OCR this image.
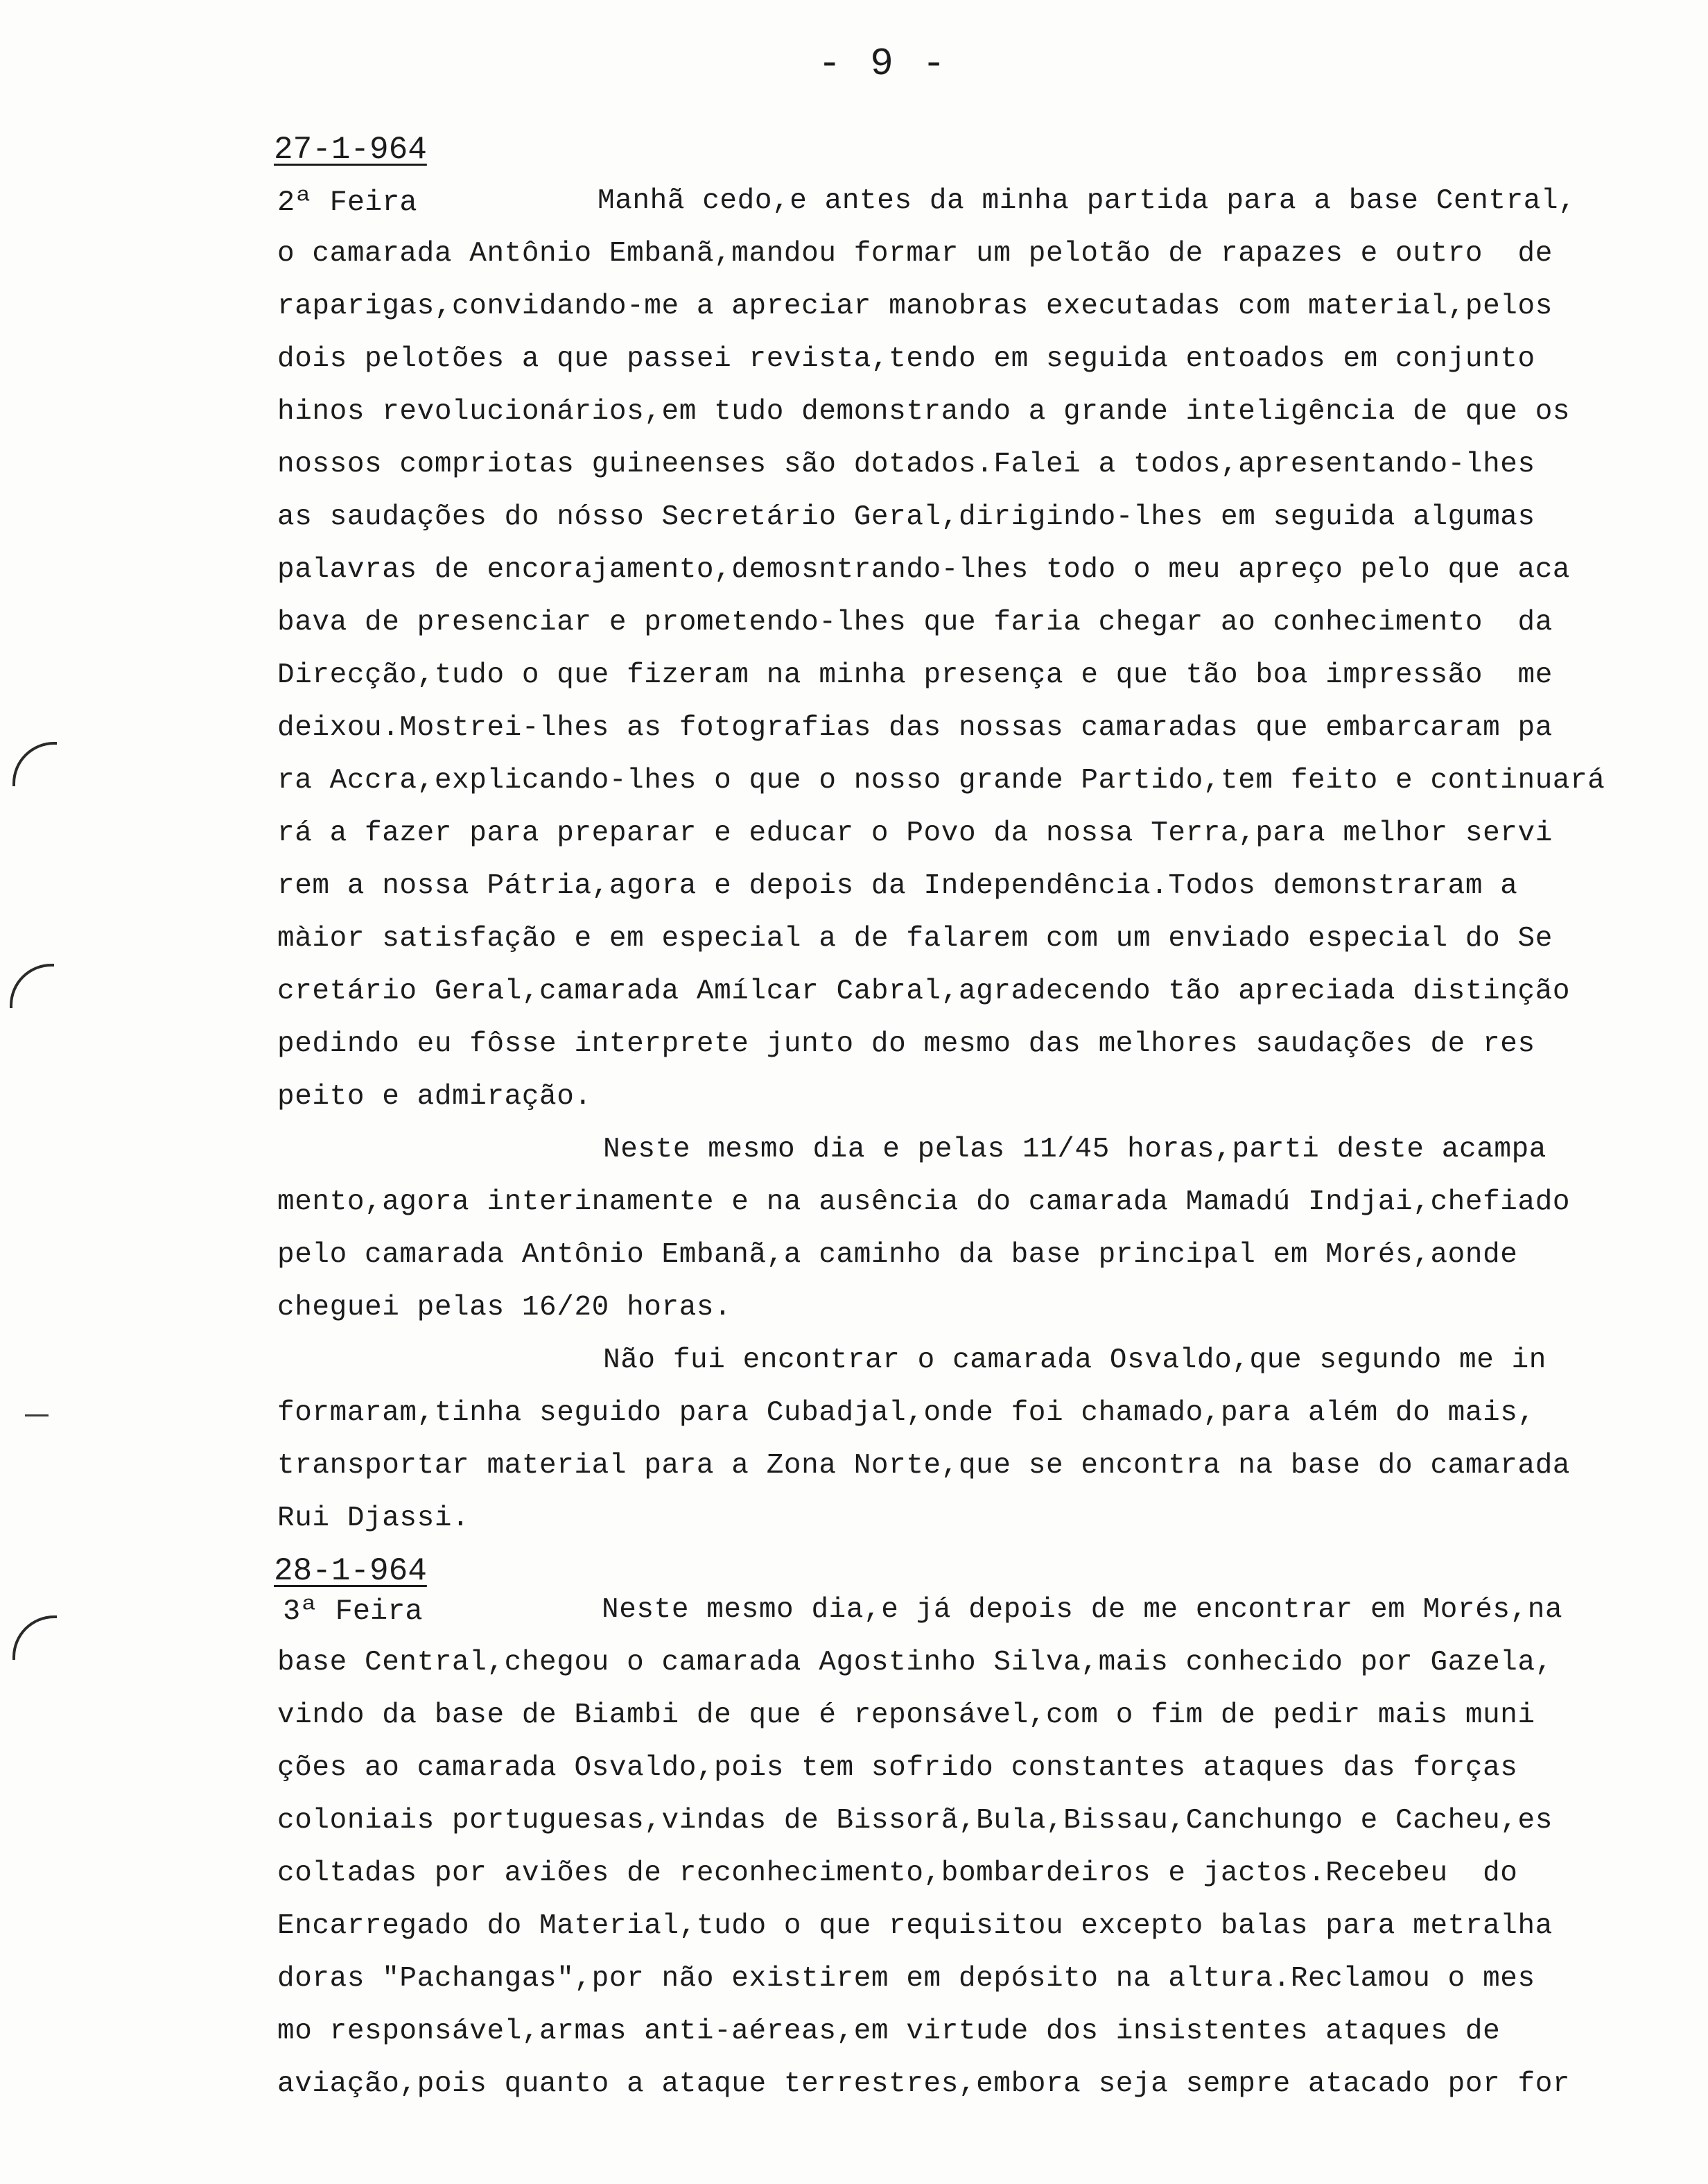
- 9 -
27-1-964
2ª Feira	Manhã cedo,e antes da minha partida para a base Central,
o camarada Antônio Embanã,mandou formar um pelotão de rapazes e outro  de
raparigas,convidando-me a apreciar manobras executadas com material,pelos
dois pelotões a que passei revista,tendo em seguida entoados em conjunto
hinos revolucionários,em tudo demonstrando a grande inteligência de que os
nossos compriotas guineenses são dotados.Falei a todos,apresentando-lhes
as saudações do nósso Secretário Geral,dirigindo-lhes em seguida algumas
palavras de encorajamento,demosntrando-lhes todo o meu apreço pelo que aca
bava de presenciar e prometendo-lhes que faria chegar ao conhecimento  da
Direcção,tudo o que fizeram na minha presença e que tão boa impressão  me
deixou.Mostrei-lhes as fotografias das nossas camaradas que embarcaram pa
ra Accra,explicando-lhes o que o nosso grande Partido,tem feito e continuará
rá a fazer para preparar e educar o Povo da nossa Terra,para melhor servi
rem a nossa Pátria,agora e depois da Independência.Todos demonstraram a
màior satisfação e em especial a de falarem com um enviado especial do Se
cretário Geral,camarada Amílcar Cabral,agradecendo tão apreciada distinção
pedindo eu fôsse interprete junto do mesmo das melhores saudações de res
peito e admiração.
Neste mesmo dia e pelas 11/45 horas,parti deste acampa
mento,agora interinamente e na ausência do camarada Mamadú Indjai,chefiado
pelo camarada Antônio Embanã,a caminho da base principal em Morés,aonde
cheguei pelas 16/20 horas.
Não fui encontrar o camarada Osvaldo,que segundo me in
formaram,tinha seguido para Cubadjal,onde foi chamado,para além do mais,
transportar material para a Zona Norte,que se encontra na base do camarada
Rui Djassi.
28-1-964
3ª Feira	Neste mesmo dia,e já depois de me encontrar em Morés,na
base Central,chegou o camarada Agostinho Silva,mais conhecido por Gazela,
vindo da base de Biambi de que é reponsável,com o fim de pedir mais muni
ções ao camarada Osvaldo,pois tem sofrido constantes ataques das forças
coloniais portuguesas,vindas de Bissorã,Bula,Bissau,Canchungo e Cacheu,es
coltadas por aviões de reconhecimento,bombardeiros e jactos.Recebeu  do
Encarregado do Material,tudo o que requisitou excepto balas para metralha
doras "Pachangas",por não existirem em depósito na altura.Reclamou o mes
mo responsável,armas anti-aéreas,em virtude dos insistentes ataques de
aviação,pois quanto a ataque terrestres,embora seja sempre atacado por for
